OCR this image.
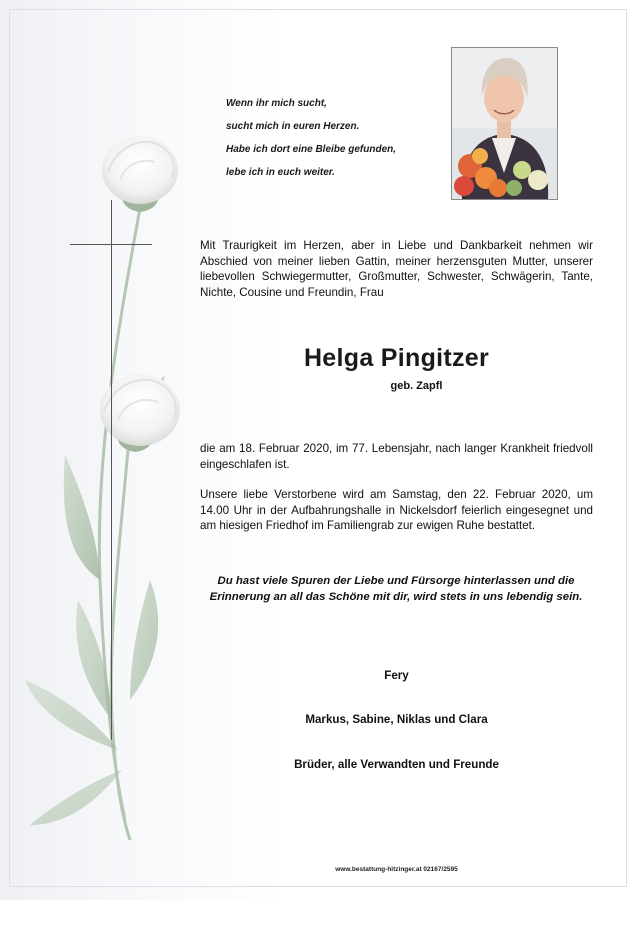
Wenn ihr mich sucht,
sucht mich in euren Herzen.
Habe ich dort eine Bleibe gefunden,
lebe ich in euch weiter.
Mit Traurigkeit im Herzen, aber in Liebe und Dankbarkeit nehmen wir Abschied von meiner lieben Gattin, meiner herzensguten Mutter, unserer liebevollen Schwiegermutter, Großmutter, Schwester, Schwägerin, Tante, Nichte, Cousine und Freundin, Frau
Helga Pingitzer
geb. Zapfl
die am 18. Februar 2020, im 77. Lebensjahr, nach langer Krankheit friedvoll eingeschlafen ist.
Unsere liebe Verstorbene wird am Samstag, den 22. Februar 2020, um 14.00 Uhr in der Aufbahrungshalle in Nickelsdorf feierlich eingesegnet und am hiesigen Friedhof im Familiengrab zur ewigen Ruhe bestattet.
Du hast viele Spuren der Liebe und Fürsorge hinterlassen und die Erinnerung an all das Schöne mit dir, wird stets in uns lebendig sein.
Fery
Markus, Sabine, Niklas und Clara
Brüder, alle Verwandten und Freunde
www.bestattung-hitzinger.at 02167/2595
